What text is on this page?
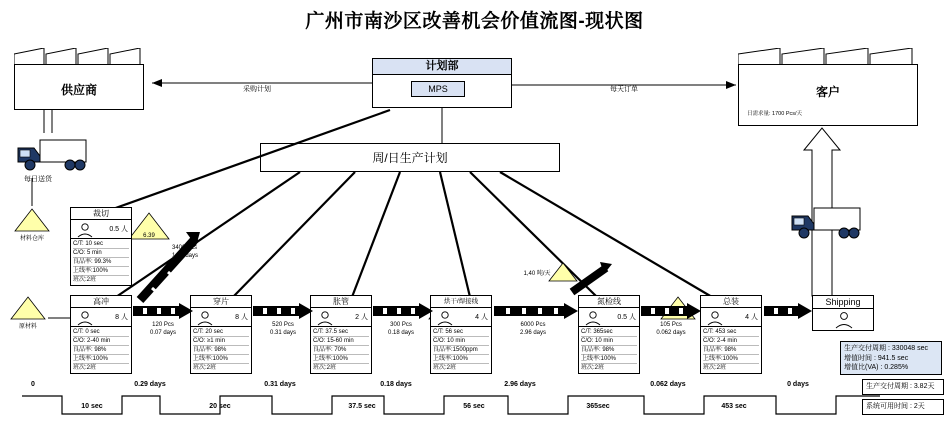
广州市南沙区改善机会价值流图-现状图
供应商	客户
日需求量: 1700 Pcs/天
计划部
MPS
周/日生产计划
每日送货
采购计划	每天订单
材料仓库
原材料
6.39
1,40 吨/天
裁切
0.5 人
C/T: 10 sec
C/O: 5 min
良品率: 99.3%
上线率:100%
班次:2班
高冲
8 人
C/T: 0 sec
C/O: 2-40 min
良品率: 98%
上线率:100%
班次:2班
穿片
8 人
C/T: 20 sec
C/O: ≥1 min
良品率: 98%
上线率:100%
班次:2班
胀管
2 人
C/T: 37.5 sec
C/O: 15-60 min
良品率: 70%
上线率:100%
班次:2班
烘干/焊接线
4 人
C/T: 56 sec
C/O: 10 min
良品率:1500ppm
上线率:100%
班次:2班
氮检线
0.5 人
C/T: 365sec
C/O: 10 min
良品率: 98%
上线率:100%
班次:2班
总装
4 人
C/T: 453 sec
C/O: 2-4 min
良品率: 98%
上线率:100%
班次:2班
Shipping
120 Pcs
0.07 days
520 Pcs
0.31 days
300 Pcs
0.18 days
6000 Pcs
2.96 days
105 Pcs
0.062 days
3400 Pcs
1.41 days
生产交付周期 : 330048 sec
增值时间 : 941.5 sec
增值比(VA) : 0.285%
生产交付周期 : 3.82天
系统可用时间 : 2天
0	0.29 days	0.31 days	0.18 days	2.96 days	0.062 days	0 days
10 sec	20 sec	37.5 sec	56 sec	365sec	453 sec
